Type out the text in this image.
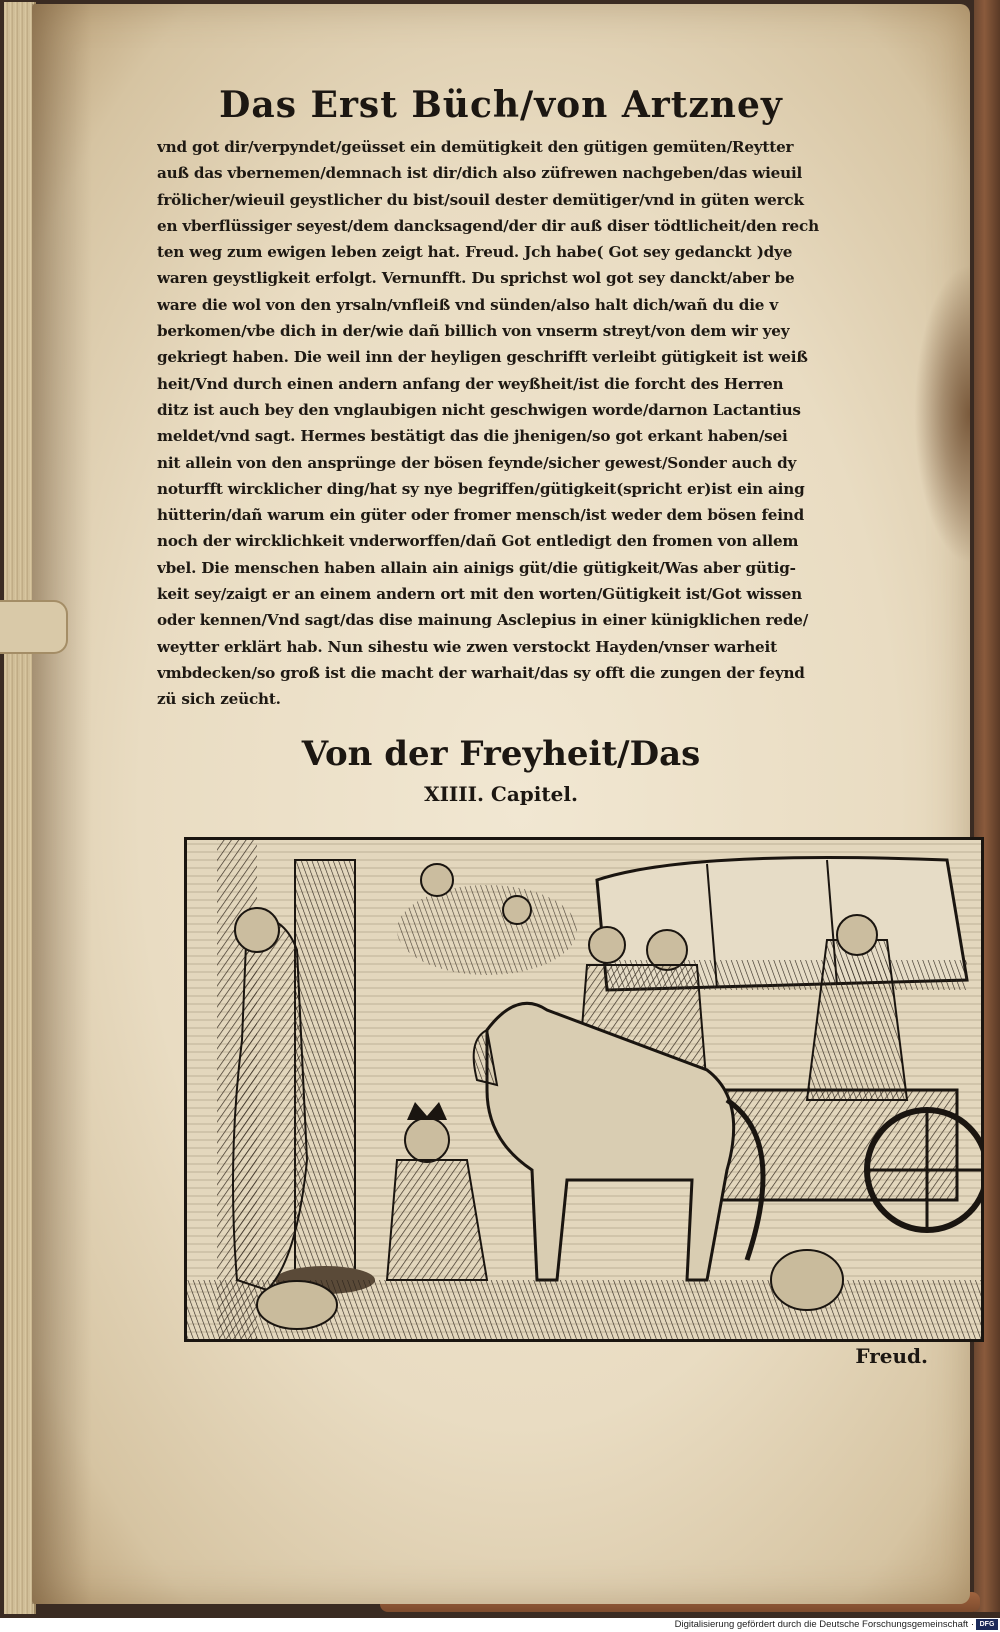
Das Erst Büch/von Artzney
vnd got dir/verpyndet/geüsset ein demütigkeit den gütigen gemüten/Reytter
auß das vbernemen/demnach ist dir/dich also züfrewen nachgeben/das wieuil
frölicher/wieuil geystlicher du bist/souil dester demütiger/vnd in güten werck
en vberflüssiger seyest/dem dancksagend/der dir auß diser tödtlicheit/den rech
ten weg zum ewigen leben zeigt hat. Freud. Jch habe( Got sey gedanckt )dye
waren geystligkeit erfolgt. Vernunfft. Du sprichst wol got sey danckt/aber be
ware die wol von den yrsaln/vnfleiß vnd sünden/also halt dich/wañ du die v
berkomen/vbe dich in der/wie dañ billich von vnserm streyt/von dem wir yey
gekriegt haben. Die weil inn der heyligen geschrifft verleibt gütigkeit ist weiß
heit/Vnd durch einen andern anfang der weyßheit/ist die forcht des Herren
ditz ist auch bey den vnglaubigen nicht geschwigen worde/darnon Lactantius
meldet/vnd sagt. Hermes bestätigt das die jhenigen/so got erkant haben/sei
nit allein von den ansprünge der bösen feynde/sicher gewest/Sonder auch dy
noturfft wircklicher ding/hat sy nye begriffen/gütigkeit(spricht er)ist ein aing
hütterin/dañ warum ein güter oder fromer mensch/ist weder dem bösen feind
noch der wircklichkeit vnderworffen/dañ Got entledigt den fromen von allem
vbel. Die menschen haben allain ain ainigs güt/die gütigkeit/Was aber gütig-
keit sey/zaigt er an einem andern ort mit den worten/Gütigkeit ist/Got wissen
oder kennen/Vnd sagt/das dise mainung Asclepius in einer künigklichen rede/
weytter erklärt hab. Nun sihestu wie zwen verstockt Hayden/vnser warheit
vmbdecken/so groß ist die macht der warhait/das sy offt die zungen der feynd
zü sich zeücht.
Von der Freyheit/Das
XIIII. Capitel.
Freud.
Digitalisierung gefördert durch die Deutsche Forschungsgemeinschaft · DFG
